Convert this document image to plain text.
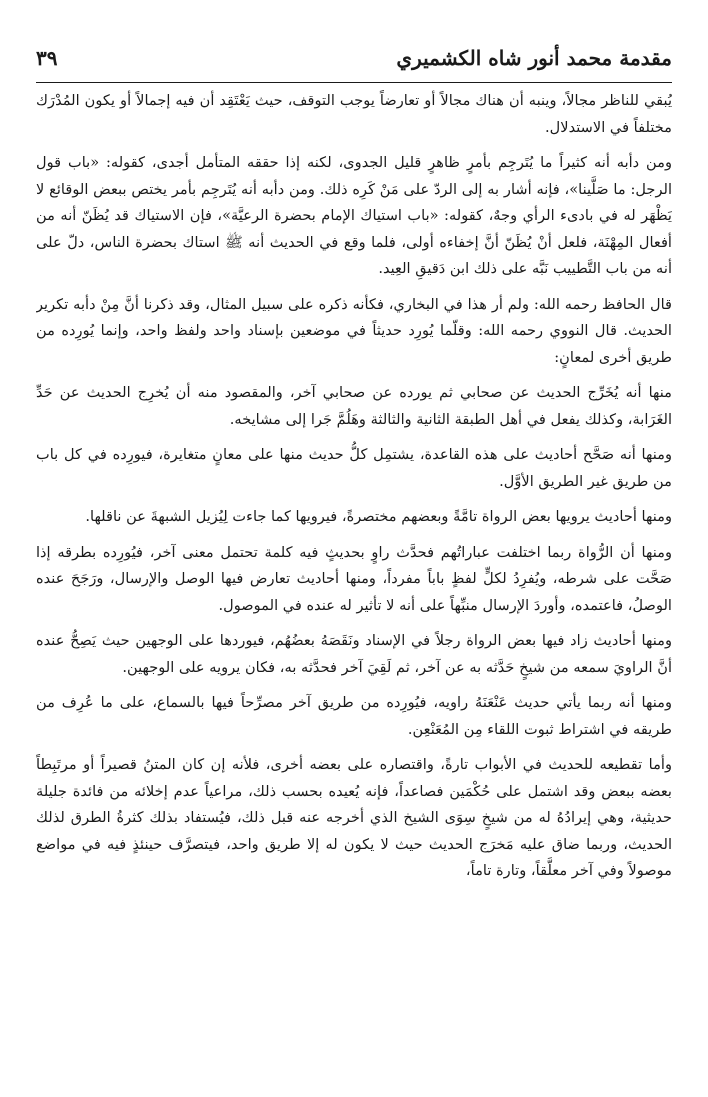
مقدمة محمد أنور شاه الكشميري
٣٩

يُبقي للناظر مجالاً، وينبه أن هناك مجالاً أو تعارضاً يوجب التوقف، حيث يَعْتَقِد أن فيه إجمالاً أو يكون المُدْرَك مختلفاً في الاستدلال.

ومن دأبه أنه كثيراً ما يُتَرجِم بأمرٍ ظاهرٍ قليل الجدوى، لكنه إذا حققه المتأمل أجدى، كقوله: «باب قول الرجل: ما صَلَّينا»، فإنه أشار به إلى الردّ على مَنْ كَرِه ذلك. ومن دأبه أنه يُتَرجِم بأمر يختص ببعض الوقائع لا يَظْهَر له في بادىء الرأي وجهٌ، كقوله: «باب استياك الإمام بحضرة الرعيَّة»، فإن الاستياك قد يُظَنّ أنه من أفعال المِهْنَة، فلعل أنْ يُظَنّ أنَّ إخفاءه أولى، فلما وقع في الحديث أنه ﷺ استاك بحضرة الناس، دلّ على أنه من باب التَّطييب نَبَّه على ذلك ابن دَقيقِ العِيد.

قال الحافظ رحمه الله: ولم أر هذا في البخاري، فكأنه ذكره على سبيل المثال، وقد ذكرنا أنَّ مِنْ دأبه تكرير الحديث. قال النووي رحمه الله: وقلّما يُورِد حديثاً في موضعين بإسناد واحد ولفظ واحد، وإنما يُورِده من طريق أخرى لمعانٍ:

منها أنه يُخَرِّج الحديث عن صحابي ثم يورده عن صحابي آخر، والمقصود منه أن يُخرِج الحديث عن حَدِّ الغَرَابة، وكذلك يفعل في أهل الطبقة الثانية والثالثة وهَلُمَّ جَرا إلى مشايخه.

ومنها أنه صَحَّح أحاديث على هذه القاعدة، يشتمِل كلُّ حديث منها على معانٍ متغايرة، فيورِده في كل باب من طريق غير الطريق الأوَّل.

ومنها أحاديث يرويها بعض الرواة تامَّةً وبعضهم مختصرةً، فيرويها كما جاءت لِيُزيل الشبهةَ عن ناقلها.

ومنها أن الرُّواة ربما اختلفت عباراتُهم فحدَّث راوٍ بحديثٍ فيه كلمة تحتمل معنى آخر، فيُورِده بطرقه إذا صَحَّت على شرطه، ويُفرِدُ لكلٍّ لفظٍ باباً مفرداً، ومنها أحاديث تعارض فيها الوصل والإرسال، ورَجَحَ عنده الوصلُ، فاعتمده، وأوردَ الإرسال منبِّهاً على أنه لا تأثير له عنده في الموصول.

ومنها أحاديث زاد فيها بعض الرواة رجلاً في الإسناد ونَقَصَهُ بعضُهُم، فيوردها على الوجهين حيث يَصِحُّ عنده أنَّ الراويَ سمعه من شيخٍ حَدَّثه به عن آخر، ثم لَقِيَ آخر فحدَّثه به، فكان يرويه على الوجهين.

ومنها أنه ربما يأتي حديث عَنْعَنَهُ راويه، فيُورِده من طريق آخر مصرِّحاً فيها بالسماع، على ما عُرِف من طريقه في اشتراط ثبوت اللقاء مِن المُعَنْعِن.

وأما تقطيعه للحديث في الأبواب تارةً، واقتصاره على بعضه أخرى، فلأنه إن كان المتنُ قصيراً أو مرتَبِطاً بعضه ببعض وقد اشتمل على حُكْمَين فصاعداً، فإنه يُعيده بحسب ذلك، مراعياً عدم إخلائه من فائدة جليلة حديثية، وهي إيرادُهُ له من شيخٍ سِوَى الشيخ الذي أخرجه عنه قبل ذلك، فيُستفاد بذلك كثرةُ الطرق لذلك الحديث، وربما ضاق عليه مَخرَج الحديث حيث لا يكون له إلا طريق واحد، فيتصرَّف حينئذٍ فيه في مواضع موصولاً وفي آخر معلَّقاً، وتارة تاماً،
